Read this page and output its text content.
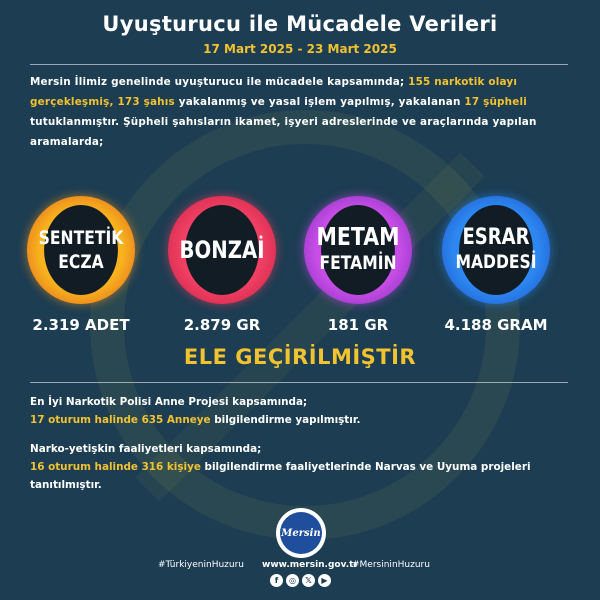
Uyuşturucu ile Mücadele Verileri
17 Mart 2025 - 23 Mart 2025
Mersin İlimiz genelinde uyuşturucu ile mücadele kapsamında; 155 narkotik olayı gerçekleşmiş, 173 şahıs yakalanmış ve yasal işlem yapılmış, yakalanan 17 şüpheli tutuklanmıştır. Şüpheli şahısların ikamet, işyeri adreslerinde ve araçlarında yapılan aramalarda;
SENTETİK
ECZA	BONZAİ METAM
FETAMİN
ESRAR
MADDESİ
2.319 ADET	2.879 GR	181 GR	4.188 GRAM
ELE GEÇİRİLMİŞTİR
En İyi Narkotik Polisi Anne Projesi kapsamında;
17 oturum halinde 635 Anneye bilgilendirme yapılmıştır.
Narko-yetişkin faaliyetleri kapsamında;
16 oturum halinde 316 kişiye bilgilendirme faaliyetlerinde Narvas ve Uyuma projeleri tanıtılmıştır.
Mersin
#TürkiyeninHuzuru www.mersin.gov.tr
#MersininHuzuru
f	◎	𝕏	▶
